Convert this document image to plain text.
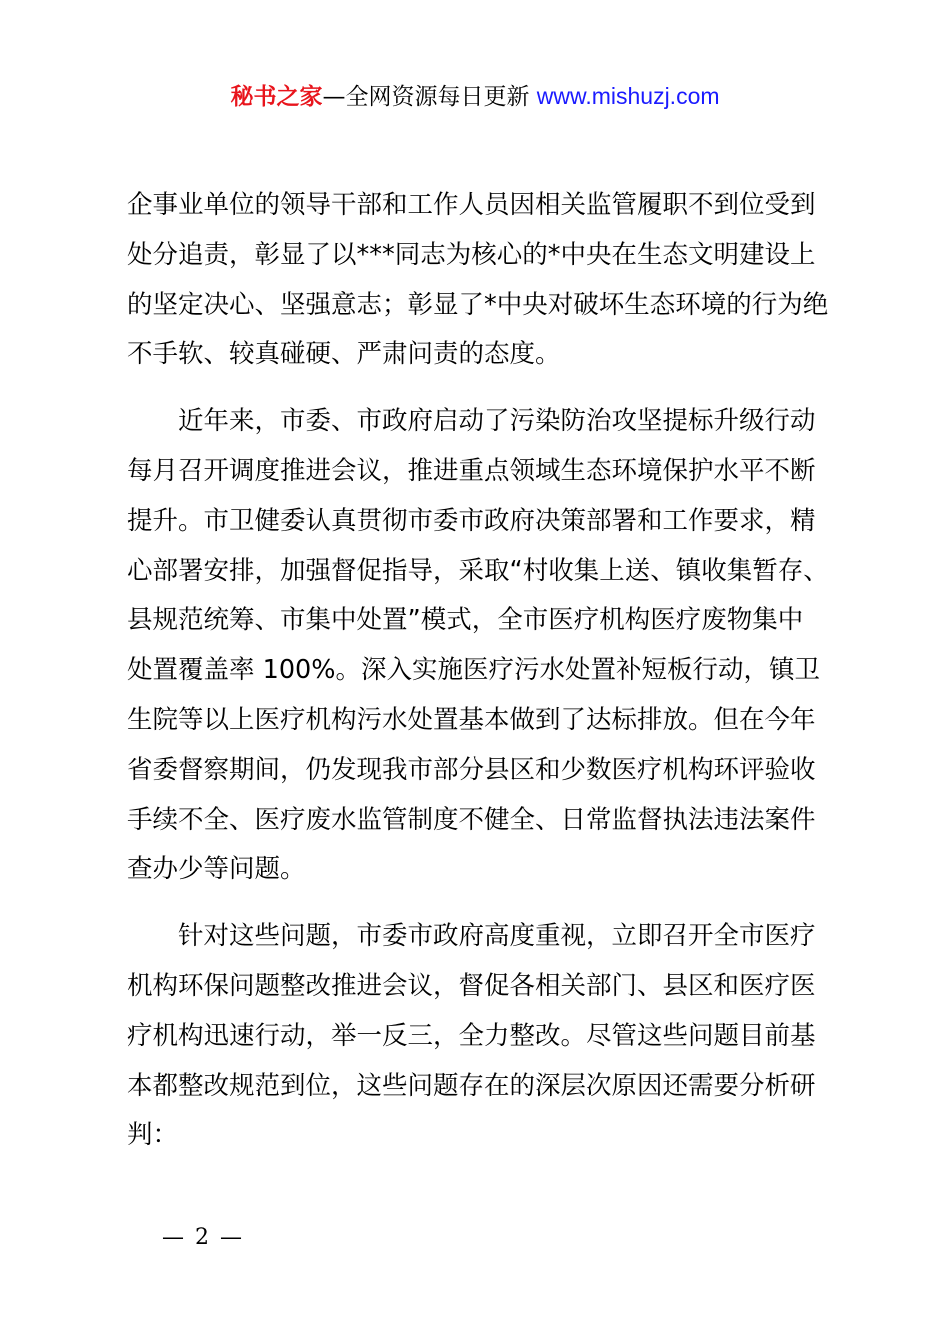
秘书之家—全网资源每日更新 www.mishuzj.com

企事业单位的领导干部和工作人员因相关监管履职不到位受到
处分追责，彰显了以***同志为核心的*中央在生态文明建设上
的坚定决心、坚强意志；彰显了*中央对破坏生态环境的行为绝
不手软、较真碰硬、严肃问责的态度。

近年来，市委、市政府启动了污染防治攻坚提标升级行动
每月召开调度推进会议，推进重点领域生态环境保护水平不断
提升。市卫健委认真贯彻市委市政府决策部署和工作要求，精
心部署安排，加强督促指导，采取“村收集上送、镇收集暂存、
县规范统筹、市集中处置”模式，全市医疗机构医疗废物集中
处置覆盖率 100%。深入实施医疗污水处置补短板行动，镇卫
生院等以上医疗机构污水处置基本做到了达标排放。但在今年
省委督察期间，仍发现我市部分县区和少数医疗机构环评验收
手续不全、医疗废水监管制度不健全、日常监督执法违法案件
查办少等问题。

针对这些问题，市委市政府高度重视，立即召开全市医疗
机构环保问题整改推进会议，督促各相关部门、县区和医疗医
疗机构迅速行动，举一反三，全力整改。尽管这些问题目前基
本都整改规范到位，这些问题存在的深层次原因还需要分析研
判：

— 2 —
